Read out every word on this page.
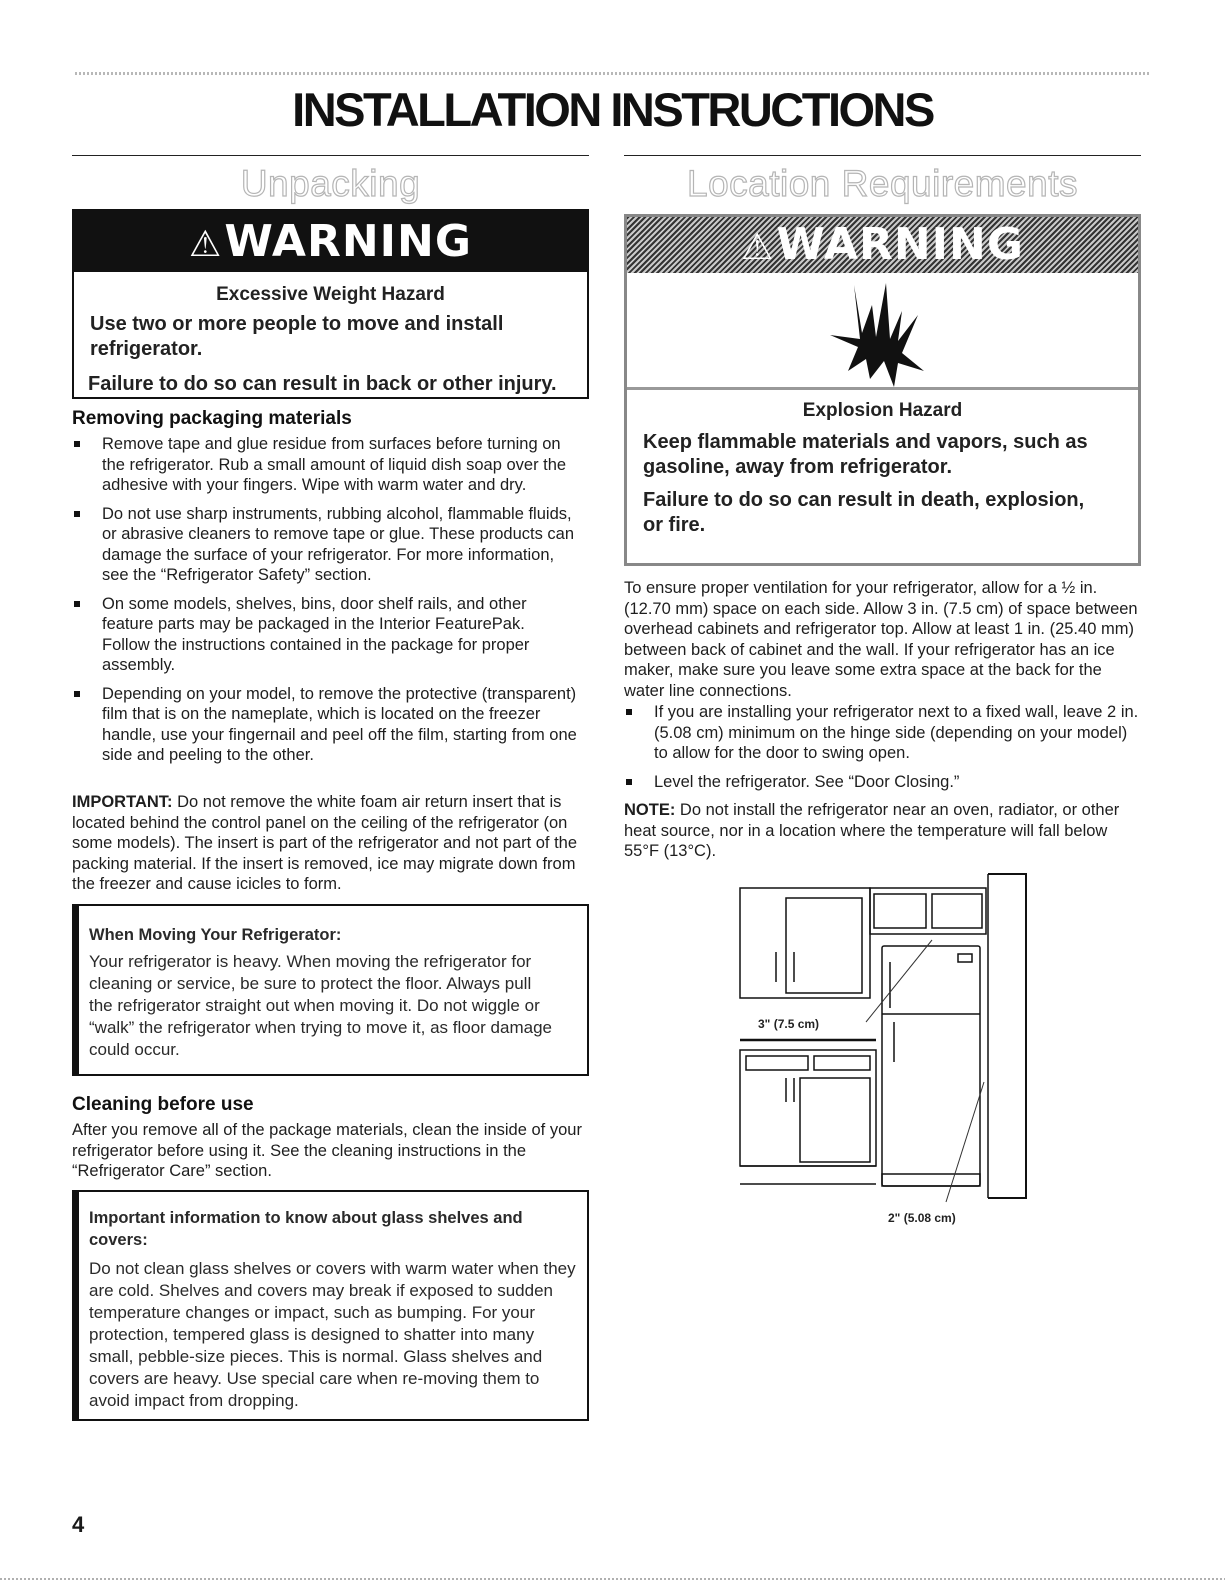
INSTALLATION INSTRUCTIONS
Unpacking
⚠WARNING
Excessive Weight Hazard
Use two or more people to move and install refrigerator.
Failure to do so can result in back or other injury.
Removing packaging materials
Remove tape and glue residue from surfaces before turning on the refrigerator. Rub a small amount of liquid dish soap over the adhesive with your fingers. Wipe with warm water and dry.
Do not use sharp instruments, rubbing alcohol, flammable fluids, or abrasive cleaners to remove tape or glue. These products can damage the surface of your refrigerator. For more information, see the “Refrigerator Safety” section.
On some models, shelves, bins, door shelf rails, and other feature parts may be packaged in the Interior FeaturePak. Follow the instructions contained in the package for proper assembly.
Depending on your model, to remove the protective (transparent) film that is on the nameplate, which is located on the freezer handle, use your fingernail and peel off the film, starting from one side and peeling to the other.
IMPORTANT: Do not remove the white foam air return insert that is located behind the control panel on the ceiling of the refrigerator (on some models). The insert is part of the refrigerator and not part of the packing material. If the insert is removed, ice may migrate down from the freezer and cause icicles to form.
When Moving Your Refrigerator:
Your refrigerator is heavy. When moving the refrigerator for cleaning or service, be sure to protect the floor. Always pull the refrigerator straight out when moving it. Do not wiggle or “walk” the refrigerator when trying to move it, as floor damage could occur.
Cleaning before use
After you remove all of the package materials, clean the inside of your refrigerator before using it. See the cleaning instructions in the “Refrigerator Care” section.
Important information to know about glass shelves and covers:
Do not clean glass shelves or covers with warm water when they are cold. Shelves and covers may break if exposed to sudden temperature changes or impact, such as bumping. For your protection, tempered glass is designed to shatter into many small, pebble-size pieces. This is normal. Glass shelves and covers are heavy. Use special care when re-moving them to avoid impact from dropping.
4
Location Requirements
⚠WARNING
Explosion Hazard
Keep flammable materials and vapors, such as gasoline, away from refrigerator.
Failure to do so can result in death, explosion, or fire.
To ensure proper ventilation for your refrigerator, allow for a ½ in. (12.70 mm) space on each side. Allow 3 in. (7.5 cm) of space between overhead cabinets and refrigerator top. Allow at least 1 in. (25.40 mm) between back of cabinet and the wall. If your refrigerator has an ice maker, make sure you leave some extra space at the back for the water line connections.
If you are installing your refrigerator next to a fixed wall, leave 2 in. (5.08 cm) minimum on the hinge side (depending on your model) to allow for the door to swing open.
Level the refrigerator. See “Door Closing.”
NOTE: Do not install the refrigerator near an oven, radiator, or other heat source, nor in a location where the temperature will fall below 55°F (13°C).
3" (7.5 cm)
2" (5.08 cm)
